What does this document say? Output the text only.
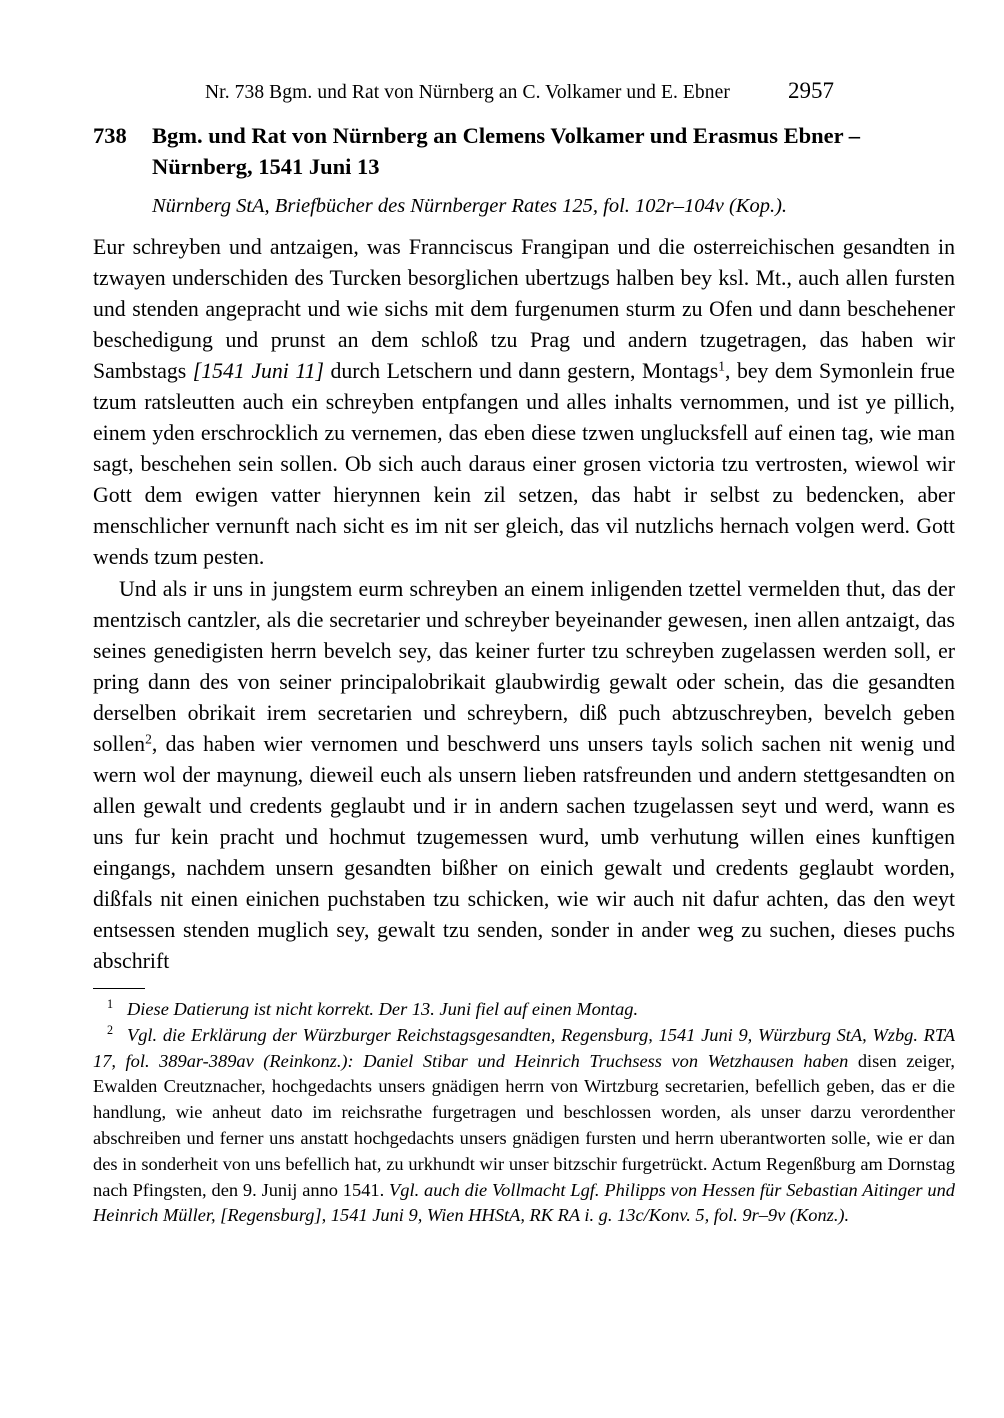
Nr. 738 Bgm. und Rat von Nürnberg an C. Volkamer und E. Ebner	2957
738	Bgm. und Rat von Nürnberg an Clemens Volkamer und Erasmus Ebner – Nürnberg, 1541 Juni 13
Nürnberg StA, Briefbücher des Nürnberger Rates 125, fol. 102r–104v (Kop.).

Eur schreyben und antzaigen, was Frannciscus Frangipan und die osterreichischen gesandten in tzwayen underschiden des Turcken besorglichen ubertzugs halben bey ksl. Mt., auch allen fursten und stenden angepracht und wie sichs mit dem furgenumen sturm zu Ofen und dann beschehener beschedigung und prunst an dem schloß tzu Prag und andern tzugetragen, das haben wir Sambstags [1541 Juni 11] durch Letschern und dann gestern, Montags$^1$, bey dem Symonlein frue tzum ratsleutten auch ein schreyben entpfangen und alles inhalts vernommen, und ist ye pillich, einem yden erschrocklich zu vernemen, das eben diese tzwen unglucksfell auf einen tag, wie man sagt, beschehen sein sollen. Ob sich auch daraus einer grosen victoria tzu vertrosten, wiewol wir Gott dem ewigen vatter hierynnen kein zil setzen, das habt ir selbst zu bedencken, aber menschlicher vernunft nach sicht es im nit ser gleich, das vil nutzlichs hernach volgen werd. Gott wends tzum pesten.

Und als ir uns in jungstem eurm schreyben an einem inligenden tzettel vermelden thut, das der mentzisch cantzler, als die secretarier und schreyber beyeinander gewesen, inen allen antzaigt, das seines genedigisten herrn bevelch sey, das keiner furter tzu schreyben zugelassen werden soll, er pring dann des von seiner principalobrikait glaubwirdig gewalt oder schein, das die gesandten derselben obrikait irem secretarien und schreybern, diß puch abtzuschreyben, bevelch geben sollen$^2$, das haben wier vernomen und beschwerd uns unsers tayls solich sachen nit wenig und wern wol der maynung, dieweil euch als unsern lieben ratsfreunden und andern stettgesandten on allen gewalt und credents geglaubt und ir in andern sachen tzugelassen seyt und werd, wann es uns fur kein pracht und hochmut tzugemessen wurd, umb verhutung willen eines kunftigen eingangs, nachdem unsern gesandten bißher on einich gewalt und credents geglaubt worden, dißfals nit einen einichen puchstaben tzu schicken, wie wir auch nit dafur achten, das den weyt entsessen stenden muglich sey, gewalt tzu senden, sonder in ander weg zu suchen, dieses puchs abschrift

1 Diese Datierung ist nicht korrekt. Der 13. Juni fiel auf einen Montag.

2 Vgl. die Erklärung der Würzburger Reichstagsgesandten, Regensburg, 1541 Juni 9, Würzburg StA, Wzbg. RTA 17, fol. 389ar-389av (Reinkonz.): Daniel Stibar und Heinrich Truchsess von Wetzhausen haben disen zeiger, Ewalden Creutznacher, hochgedachts unsers gnädigen herrn von Wirtzburg secretarien, befellich geben, das er die handlung, wie anheut dato im reichsrathe furgetragen und beschlossen worden, als unser darzu verordenther abschreiben und ferner uns anstatt hochgedachts unsers gnädigen fursten und herrn uberantworten solle, wie er dan des in sonderheit von uns befellich hat, zu urkhundt wir unser bitzschir furgetrückt. Actum Regenßburg am Dornstag nach Pfingsten, den 9. Junij anno 1541. Vgl. auch die Vollmacht Lgf. Philipps von Hessen für Sebastian Aitinger und Heinrich Müller, [Regensburg], 1541 Juni 9, Wien HHStA, RK RA i. g. 13c/Konv. 5, fol. 9r–9v (Konz.).
